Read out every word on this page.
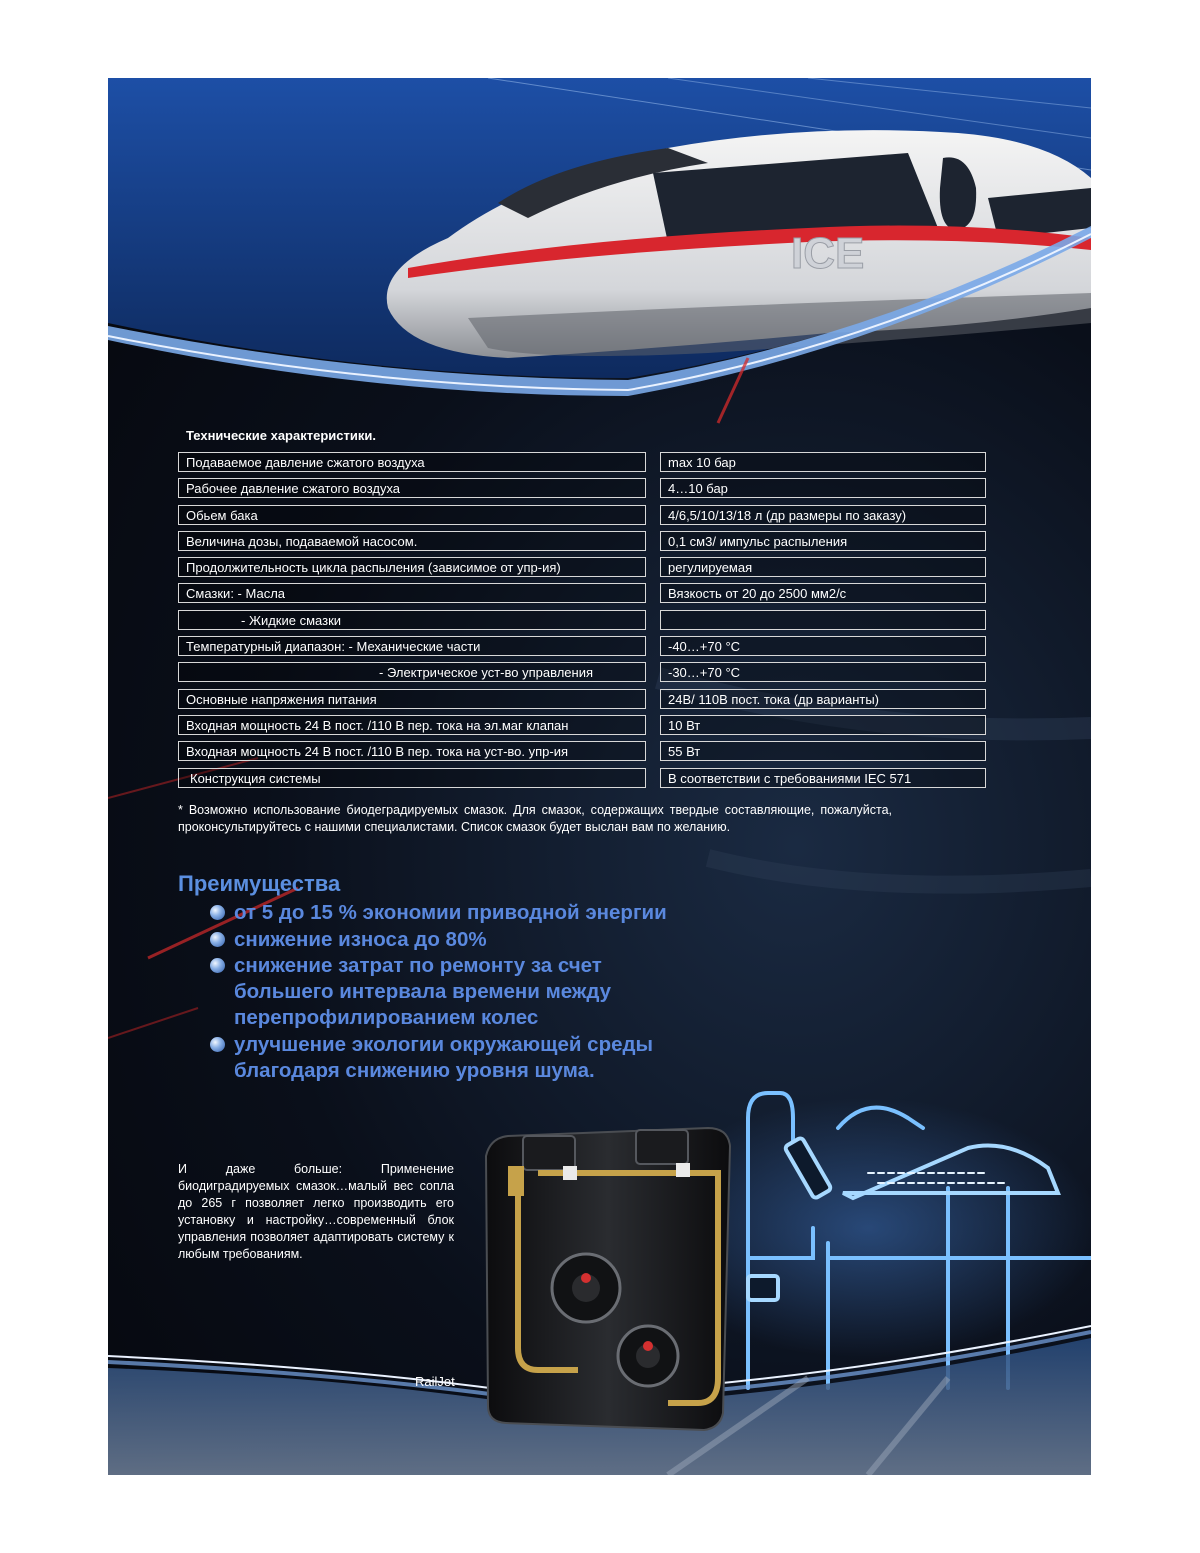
ICE
Технические характеристики.
Подаваемое давление сжатого воздуха	max 10 бар
Рабочее давление сжатого воздуха	4…10 бар
Обьем бака	4/6,5/10/13/18 л (др размеры по заказу)
Величина дозы, подаваемой насосом.	0,1 см3/ импульс распыления
Продолжительность цикла распыления (зависимое от упр-ия)	регулируемая
Смазки: - Масла	Вязкость от 20 до 2500 мм2/с
- Жидкие смазки
Температурный диапазон: - Механические части	-40…+70 °C
- Электрическое уст-во управления	-30…+70 °C
Основные напряжения питания	24В/ 110В пост. тока (др варианты)
Входная мощность 24 В пост. /110 В пер. тока на эл.маг клапан	10 Вт
Входная мощность 24 В пост. /110 В пер. тока на уст-во. упр-ия	55 Вт
Конструкция системы	В соответствии с требованиями IEC 571
* Возможно использование биодеградируемых смазок. Для смазок, содержащих твердые составляющие, пожалуйста, проконсультируйтесь с нашими специалистами. Список смазок будет выслан вам по желанию.
Преимущества
от 5 до 15 % экономии приводной энергии
снижение износа до 80%
снижение затрат по ремонту за счет большего интервала времени между перепрофилированием колес
улучшение экологии окружающей среды благодаря снижению уровня шума.
И даже больше: Применение биодиградируемых смазок…малый вес сопла до 265 г позволяет легко производить его установку и настройку…современный блок управления позволяет адаптировать систему к любым требованиям.
RailJet
